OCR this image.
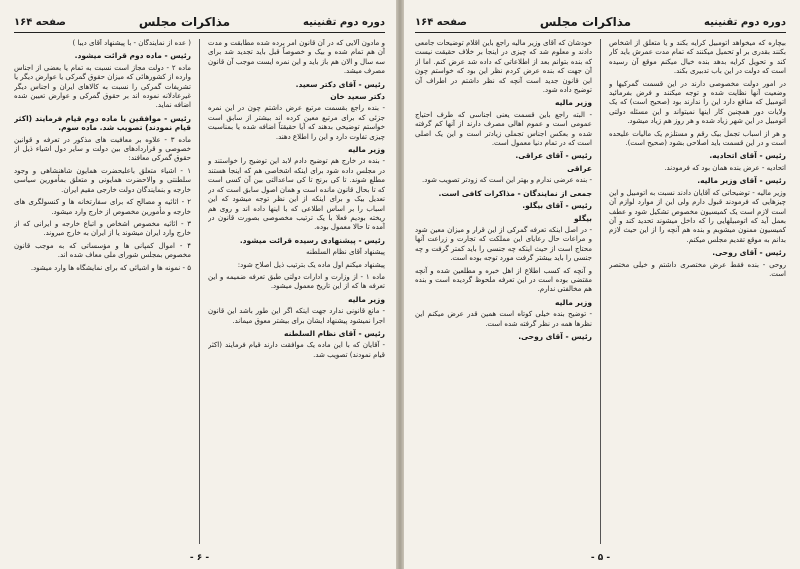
دوره دوم تقنینیه
مذاکرات مجلس
صفحه ۱۶۴

و مادون آلایی که در آن قانون امر برده شده مطابقت و مدت آن هم تمام شده و بیک و خصوصاً قبل باید تجدید شد برای سه سال و الان هم باز باید و این نمره ایست موجب آن قانون مصرف میشد.

رئیس - آقای دکتر سعید.

دکتر سعید خان

- بنده راجع بقسمت مرتبع عرض داشتم چون در این نمره جزئی که برای مرتبع معین کرده اند بیشتر از سابق است خواستم توضیحی بدهند که آیا حقیقتاً اضافه شده یا بمناسبت چیزی تفاوت دارد و این را اطلاع دهند.

وزیر مالیه

- بنده در خارج هم توضیح دادم لابد این توضیح را خواستند و در مجلس داده شود برای اینکه اشخاصی هم که اینجا هستند مطلع شوند. تا کی برنج تا کی ساعدالتی بین آن کسی است که تا بحال قانون مانده است و همان اصول سابق است که در تعدیل بیک و برای اینکه از این نظر توجه میشود که این اسباب را بر اساس اطلاعی که با اینها داده اند و روی هم ریخته بودیم فعلا با یک ترتیب مخصوصی بصورت قانون در آمده تا حالا معمول بوده.

رئیس - پیشنهادی رسیده قرائت میشود.

پیشنهاد آقای نظام السلطنه

پیشنهاد میکنم اول ماده یک بترتیب ذیل اصلاح شود:

ماده ۱ - از وزارت و ادارات دولتی طبق تعرفه ضمیمه و این تعرفه ها که از این تاریخ معمول میشود.

وزیر مالیه

- مانع قانونی ندارد جهت اینکه اگر این طور باشد این قانون اجرا نمیشود پیشنهاد ایشان برای بیشتر معوق میماند.

رئیس - آقای نظام السلطنه

- آقایان که با این ماده یک موافقت دارند قیام فرمایند (اکثر قیام نمودند) تصویب شد.

( عده از نمایندگان - با پیشنهاد آقای دیبا )

رئیس - ماده دوم قرائت میشود.

ماده ۲ - دولت مجاز است نسبت به تمام یا بعضی از اجناس وارده از کشورهائی که میزان حقوق گمرکی یا عوارض دیگر یا تشریفات گمرکی را نسبت به کالاهای ایران و اجناس دیگر غیرعادلانه نموده اند بر حقوق گمرکی و عوارض تعیین شده اضافه نماید.

رئیس - موافقین با ماده دوم قیام فرمایند (اکثر قیام نمودند) تصویب شد. ماده سوم.

ماده ۳ - علاوه بر معافیت های مذکور در تعرفه و قوانین خصوصی و قراردادهای بین دولت و سایر دول اشیاء ذیل از حقوق گمرکی معافند:

۱ - اشیاء متعلق باعلیحضرت همایون شاهنشاهی و وجود سلطنتی و والاحضرت همایونی و متعلق بمأمورین سیاسی خارجه و بنمایندگان دولت خارجی مقیم ایران.

۲ - اثاثیه و مصالح که برای سفارتخانه ها و کنسولگری های خارجه و مأمورین مخصوص از خارج وارد میشود.

۳ - اثاثیه مخصوص اشخاص و اتباع خارجه و ایرانی که از خارج وارد ایران میشوند یا از ایران به خارج میروند.

۴ - اموال کمپانی ها و مؤسساتی که به موجب قانون مخصوص بمجلس شورای ملی معاف شده اند.

۵ - نمونه ها و اشیائی که برای نمایشگاه ها وارد میشود.

- ۶ -
دوره دوم تقنینیه
مذاکرات مجلس
صفحه ۱۶۴

بیچاره که میخواهد اتومبیل کرایه بکند و یا متعلق از اشخاص بکنند بقدری بر او تحمیل میکنند که تمام مدت عمرش باید کار کند و تحویل کرایه بدهد بنده خیال میکنم موقع آن رسیده است که دولت در این باب تدبیری بکند.

در امور دولت مخصوصی دارند در این قسمت گمرکیها و وضعیت آنها نظایت شده و توجه میکنند و فرض بفرمائید اتومبیل که منافع دارد این را ندارند بود (صحیح است) که یک ولایات دور همچنین کار اینها نمیتواند و این مسئله دولتی اتومبیل در این شهر زیاد شده و هر روز هم زیاد میشود.

و هر از اسباب تجمل بیک رقم و مستلزم یک مالیات علیحده است و در این قسمت باید اصلاحی بشود (صحیح است).

رئیس - آقای اتحادیه.

اتحادیه - عرض بنده همان بود که فرمودند.

رئیس - آقای وزیر مالیه.

وزیر مالیه - توضیحاتی که آقایان دادند نسبت به اتومبیل و این چیزهایی که فرمودند قبول دارم ولی این از موارد لوازم آن است لازم است یک کمیسیون مخصوص تشکیل شود و عطف بعمل آید که اتومبیلهایی را که داخل میشوند تحدید کند و آن کمیسیون ممنون میشویم و بنده هم آنچه را از این حیث لازم بدانم به موقع تقدیم مجلس میکنم.

رئیس - آقای روحی.

روحی - بنده فقط عرض مختصری داشتم و خیلی مختصر است.

خودشان که آقای وزیر مالیه راجع باین اقلام توضیحات جامعی دادند و معلوم شد که چیزی در اینجا بر خلاف حقیقت نیست که بنده بتوانم بعد از اطلاعاتی که داده شد عرض کنم. اما از آن جهت که بنده عرض کردم نظر این بود که خواستم چون این قانون جدید است آنچه که نظر داشتم در اطراف آن توضیح داده شود.

وزیر مالیه

- البته راجع باین قسمت یعنی اجناسی که طرف احتیاج عمومی است و عموم اهالی مصرف دارند از آنها کم گرفته شده و بعکس اجناس تجملی زیادتر است و این یک اصلی است که در تمام دنیا معمول است.

رئیس - آقای عراقی.

عراقی

- بنده عرضی ندارم و بهتر این است که زودتر تصویب شود.

جمعی از نمایندگان - مذاکرات کافی است.

رئیس - آقای بیگلو.

بیگلو

- در اصل اینکه تعرفه گمرکی از این قرار و میزان معین شود و مراعات حال رعایای این مملکت که تجارت و زراعت آنها محتاج است از حیث اینکه چه جنسی را باید کمتر گرفت و چه جنسی را باید بیشتر گرفت مورد توجه بوده است.

و آنچه که کسب اطلاع از اهل خبره و مطلعین شده و آنچه مقتضی بوده است در این تعرفه ملحوظ گردیده است و بنده هم مخالفتی ندارم.

وزیر مالیه

- توضیح بنده خیلی کوتاه است همین قدر عرض میکنم این نظرها همه در نظر گرفته شده است.

رئیس - آقای روحی.

- ۵ -
